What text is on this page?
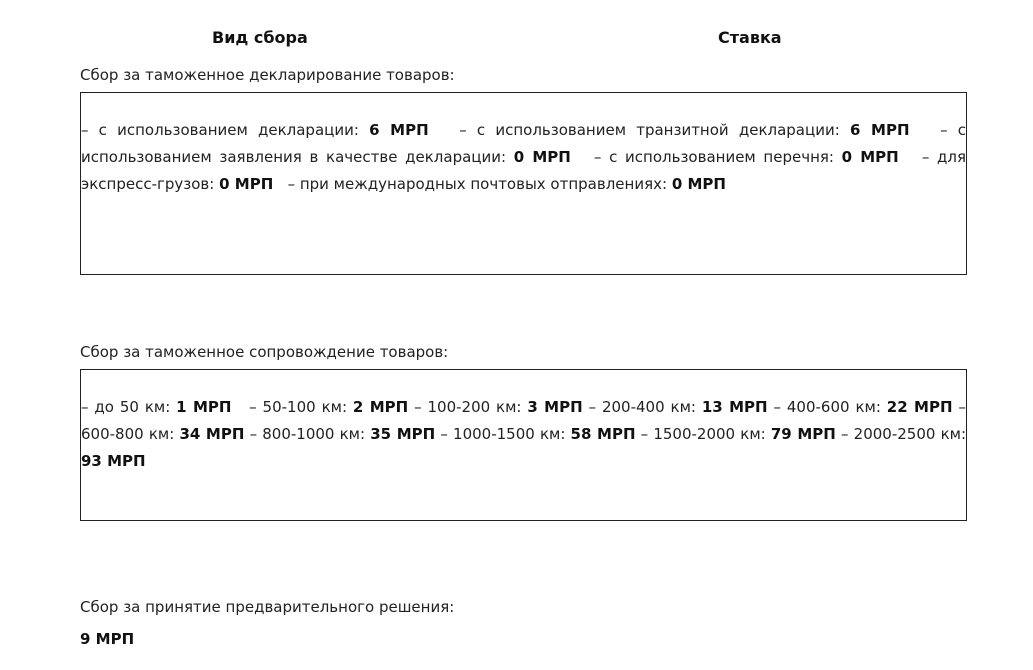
Вид сбора	Ставка
Сбор за таможенное декларирование товаров:
– с использованием декларации: 6 МРП – с использованием транзитной декларации: 6 МРП – с использованием заявления в качестве декларации: 0 МРП – с использованием перечня: 0 МРП – для экспресс-грузов: 0 МРП – при международных почтовых отправлениях: 0 МРП
Сбор за таможенное сопровождение товаров:
– до 50 км: 1 МРП – 50-100 км: 2 МРП – 100-200 км: 3 МРП – 200-400 км: 13 МРП – 400-600 км: 22 МРП – 600-800 км: 34 МРП – 800-1000 км: 35 МРП – 1000-1500 км: 58 МРП – 1500-2000 км: 79 МРП – 2000-2500 км: 93 МРП
Сбор за принятие предварительного решения:
9 МРП
